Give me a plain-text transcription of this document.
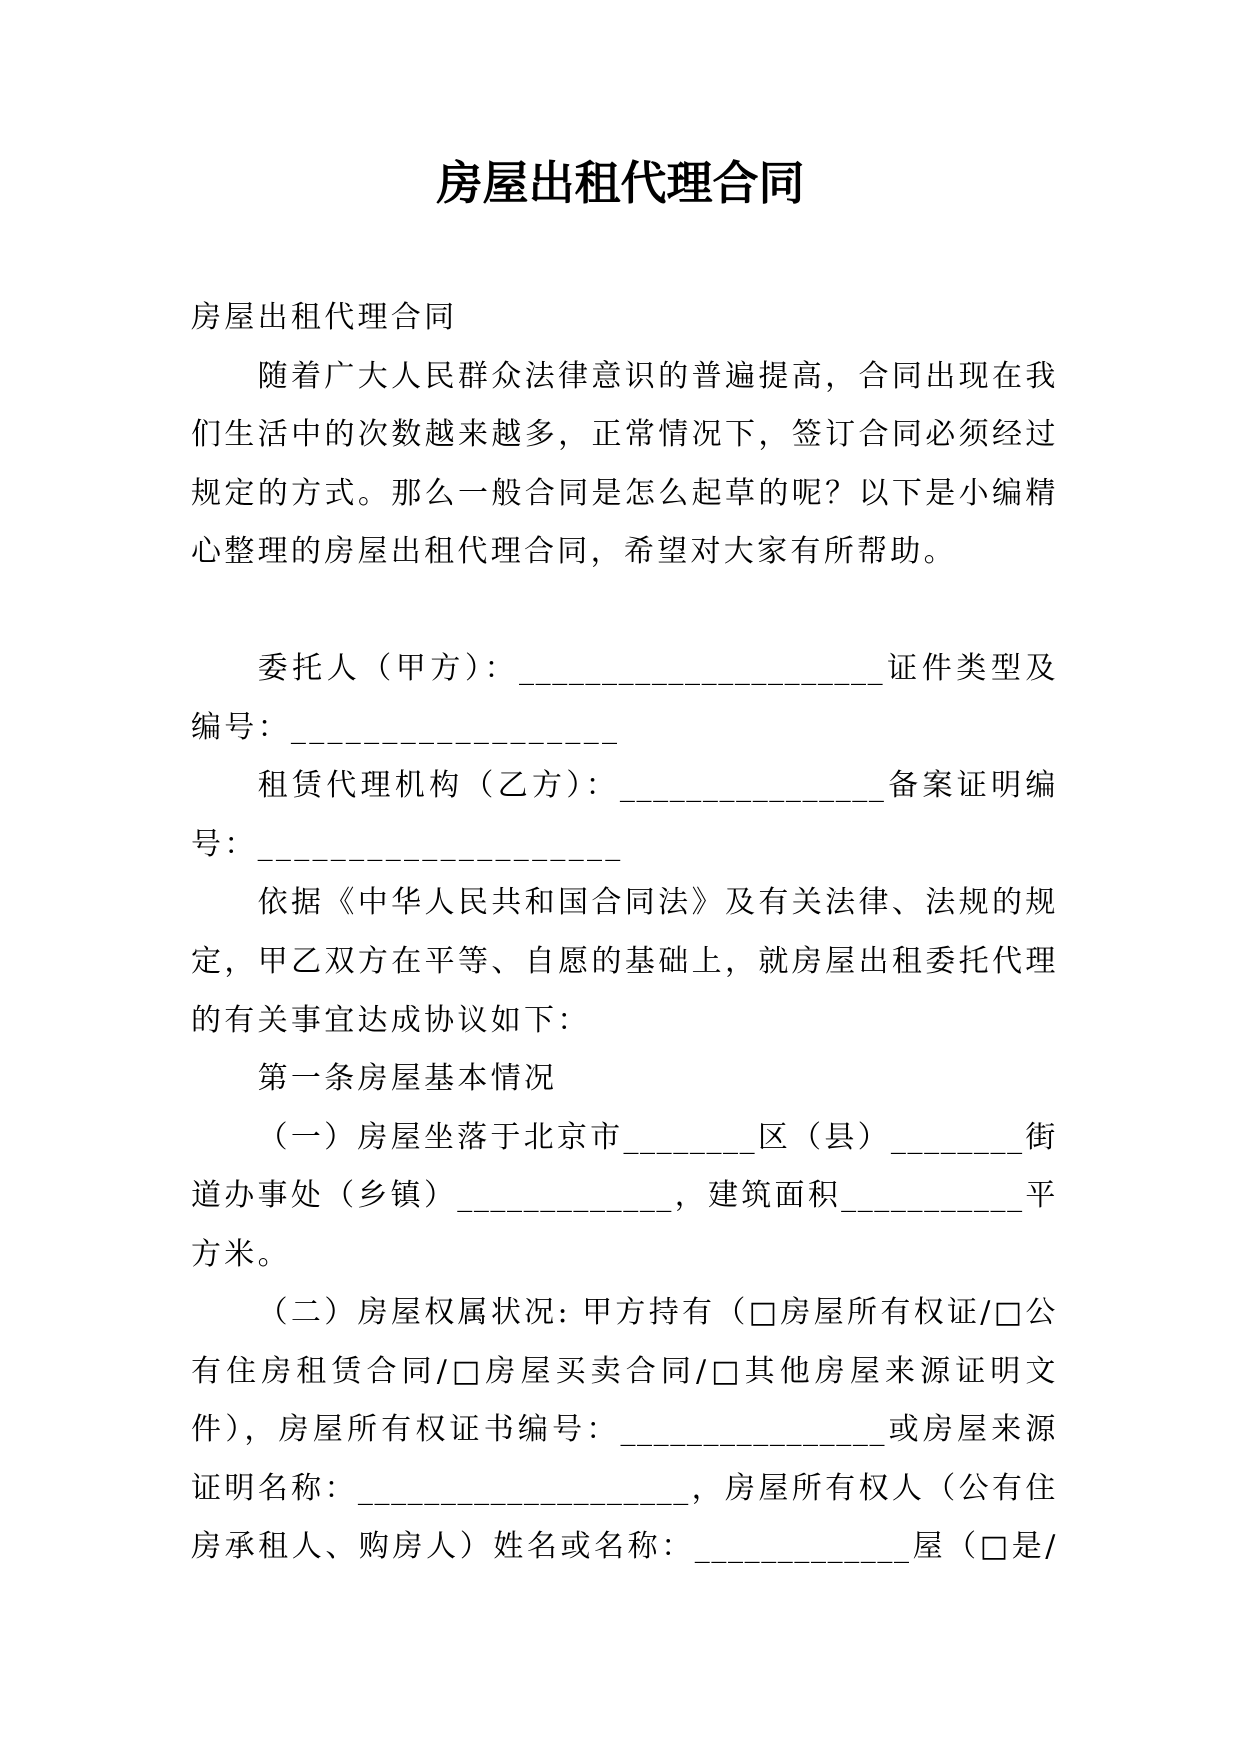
房屋出租代理合同
房屋出租代理合同
随着广大人民群众法律意识的普遍提高，合同出现在我
们生活中的次数越来越多，正常情况下，签订合同必须经过
规定的方式。那么一般合同是怎么起草的呢？以下是小编精
心整理的房屋出租代理合同，希望对大家有所帮助。
委托人（甲方）：______________________证件类型及
编号：__________________
租赁代理机构（乙方）：________________备案证明编
号：____________________
依据《中华人民共和国合同法》及有关法律、法规的规
定，甲乙双方在平等、自愿的基础上，就房屋出租委托代理
的有关事宜达成协议如下：
第一条房屋基本情况
（一）房屋坐落于北京市________区（县）________街
道办事处（乡镇）_____________，建筑面积___________平
方米。
（二）房屋权属状况: 甲方持有（□房屋所有权证/□公
有住房租赁合同/□房屋买卖合同/□其他房屋来源证明文
件），房屋所有权证书编号：________________或房屋来源
证明名称：____________________，房屋所有权人（公有住
房承租人、购房人）姓名或名称：_____________屋（□是/
